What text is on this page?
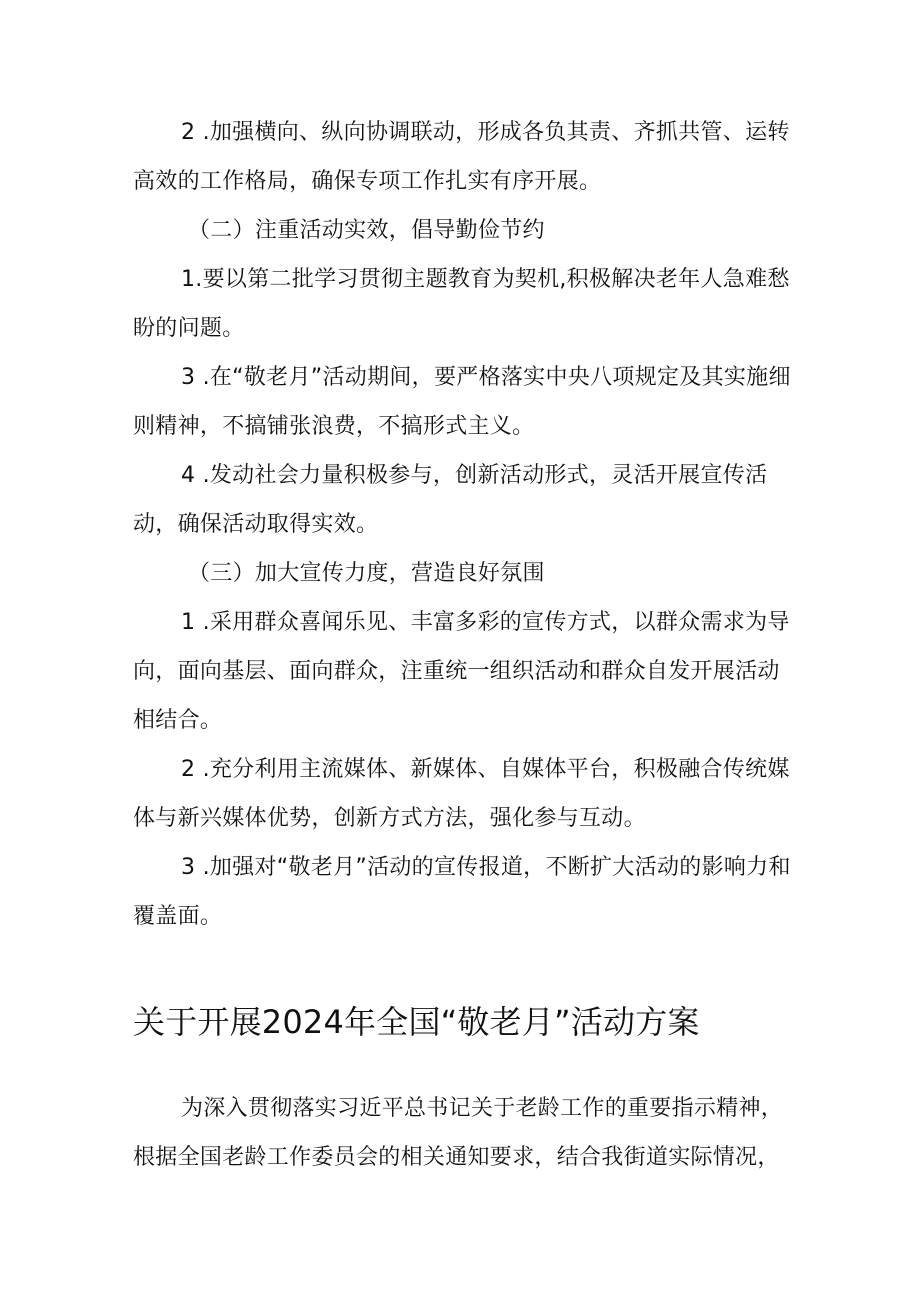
2 .加强横向、纵向协调联动，形成各负其责、齐抓共管、运转高效的工作格局，确保专项工作扎实有序开展。

（二）注重活动实效，倡导勤俭节约

1.要以第二批学习贯彻主题教育为契机,积极解决老年人急难愁盼的问题。

3 .在“敬老月”活动期间，要严格落实中央八项规定及其实施细则精神，不搞铺张浪费，不搞形式主义。

4 .发动社会力量积极参与，创新活动形式，灵活开展宣传活动，确保活动取得实效。

（三）加大宣传力度，营造良好氛围

1 .采用群众喜闻乐见、丰富多彩的宣传方式，以群众需求为导向，面向基层、面向群众，注重统一组织活动和群众自发开展活动相结合。

2 .充分利用主流媒体、新媒体、自媒体平台，积极融合传统媒体与新兴媒体优势，创新方式方法，强化参与互动。

3 .加强对“敬老月”活动的宣传报道，不断扩大活动的影响力和覆盖面。

关于开展2024年全国“敬老月”活动方案

为深入贯彻落实习近平总书记关于老龄工作的重要指示精神，根据全国老龄工作委员会的相关通知要求，结合我街道实际情况，
